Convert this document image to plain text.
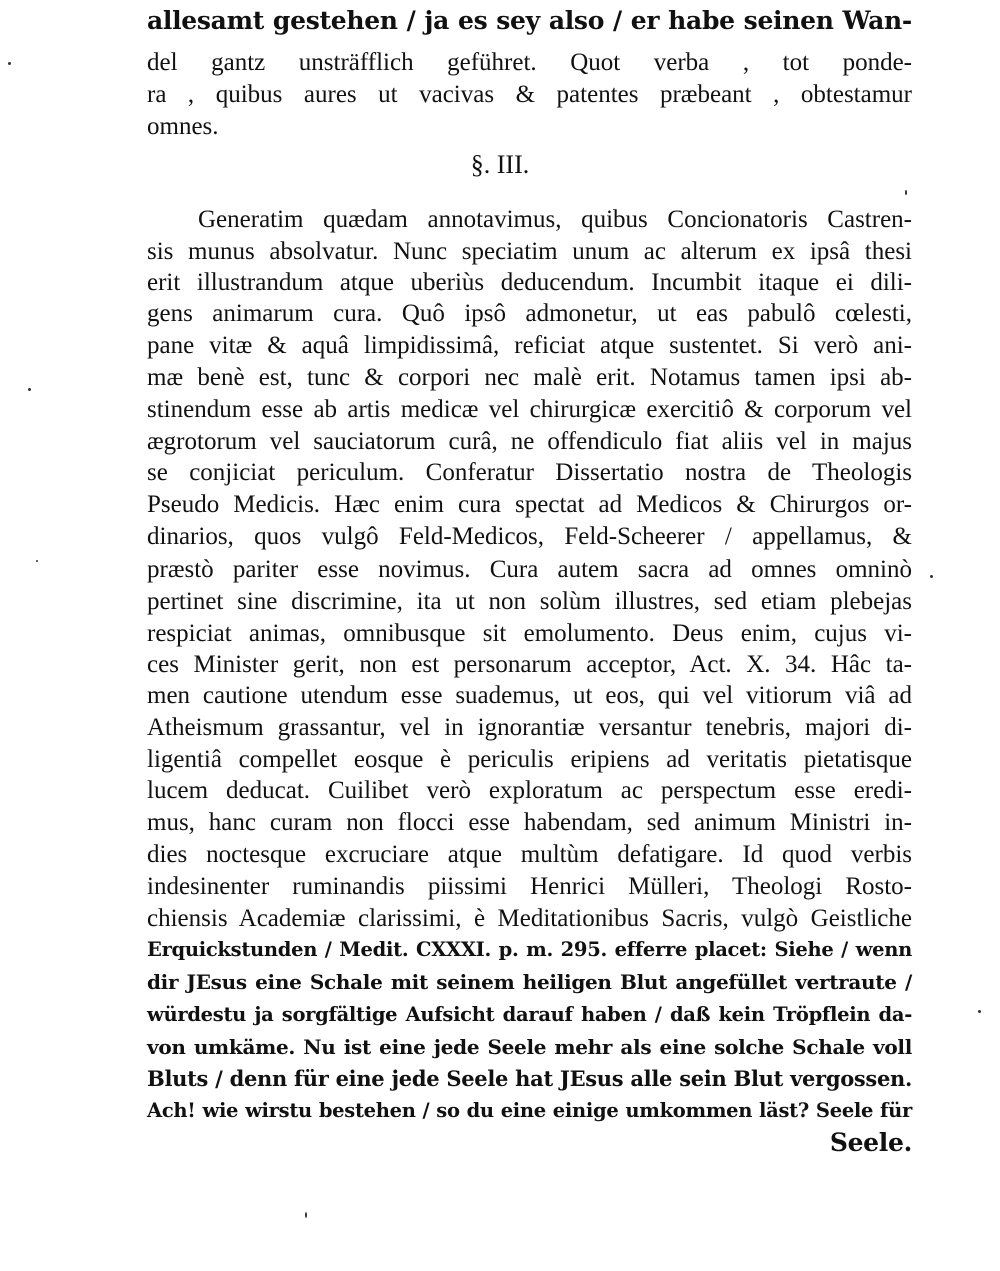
allesamt gestehen / ja es sey also / er habe seinen Wan-
del gantz unsträfflich geführet. Quot verba , tot ponde-
ra , quibus aures ut vacivas & patentes præbeant , obtestamur
omnes.
§. III.
Generatim quædam annotavimus, quibus Concionatoris Castren-
sis munus absolvatur. Nunc speciatim unum ac alterum ex ipsâ thesi
erit illustrandum atque uberiùs deducendum. Incumbit itaque ei dili-
gens animarum cura. Quô ipsô admonetur, ut eas pabulô cœlesti,
pane vitæ & aquâ limpidissimâ, reficiat atque sustentet. Si verò ani-
mæ benè est, tunc & corpori nec malè erit. Notamus tamen ipsi ab-
stinendum esse ab artis medicæ vel chirurgicæ exercitiô & corporum vel
ægrotorum vel sauciatorum curâ, ne offendiculo fiat aliis vel in majus
se conjiciat periculum. Conferatur Dissertatio nostra de Theologis
Pseudo Medicis. Hæc enim cura spectat ad Medicos & Chirurgos or-
dinarios, quos vulgô Feld-Medicos, Feld-Scheerer / appellamus, &
præstò pariter esse novimus. Cura autem sacra ad omnes omninò
pertinet sine discrimine, ita ut non solùm illustres, sed etiam plebejas
respiciat animas, omnibusque sit emolumento. Deus enim, cujus vi-
ces Minister gerit, non est personarum acceptor, Act. X. 34. Hâc ta-
men cautione utendum esse suademus, ut eos, qui vel vitiorum viâ ad
Atheismum grassantur, vel in ignorantiæ versantur tenebris, majori di-
ligentiâ compellet eosque è periculis eripiens ad veritatis pietatisque
lucem deducat. Cuilibet verò exploratum ac perspectum esse eredi-
mus, hanc curam non flocci esse habendam, sed animum Ministri in-
dies noctesque excruciare atque multùm defatigare. Id quod verbis
indesinenter ruminandis piissimi Henrici Mülleri, Theologi Rosto-
chiensis Academiæ clarissimi, è Meditationibus Sacris, vulgò Geistliche
Erquickstunden / Medit. CXXXI. p. m. 295. efferre placet: Siehe / wenn
dir JEsus eine Schale mit seinem heiligen Blut angefüllet vertraute /
würdestu ja sorgfältige Aufsicht darauf haben / daß kein Tröpflein da-
von umkäme. Nu ist eine jede Seele mehr als eine solche Schale voll
Bluts / denn für eine jede Seele hat JEsus alle sein Blut vergossen.
Ach! wie wirstu bestehen / so du eine einige umkommen läst? Seele für
Seele.
